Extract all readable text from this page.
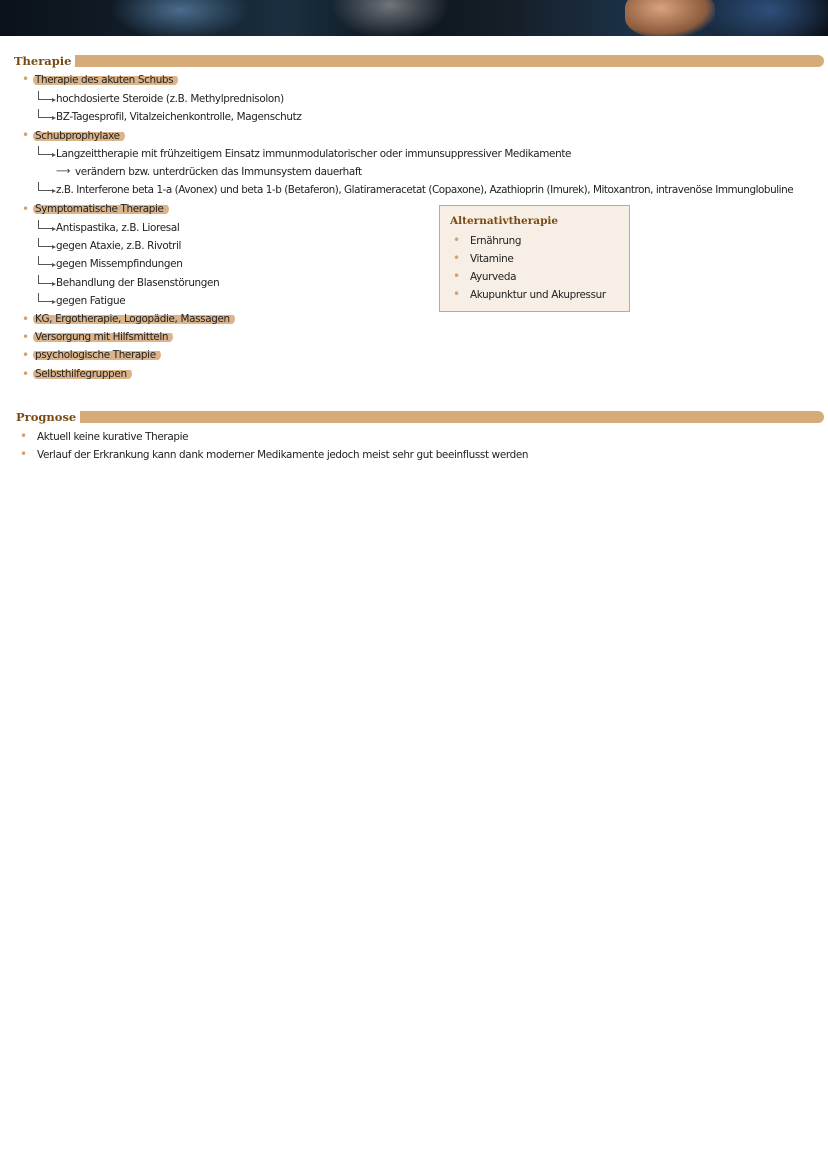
Therapie
• Therapie des akuten Schubs
hochdosierte Steroide (z.B. Methylprednisolon)
BZ-Tagesprofil, Vitalzeichenkontrolle, Magenschutz
• Schubprophylaxe
Langzeittherapie mit frühzeitigem Einsatz immunmodulatorischer oder immunsuppressiver Medikamente
⟶ verändern bzw. unterdrücken das Immunsystem dauerhaft
z.B. Interferone beta 1-a (Avonex) und beta 1-b (Betaferon), Glatirameracetat (Copaxone), Azathioprin (Imurek), Mitoxantron, intravenöse Immunglobuline
• Symptomatische Therapie
Antispastika, z.B. Lioresal
gegen Ataxie, z.B. Rivotril
gegen Missempfindungen
Behandlung der Blasenstörungen
gegen Fatigue
• KG, Ergotherapie, Logopädie, Massagen
• Versorgung mit Hilfsmitteln
• psychologische Therapie
• Selbsthilfegruppen
Alternativtherapie
• Ernährung
• Vitamine
• Ayurveda
• Akupunktur und Akupressur
Prognose
• Aktuell keine kurative Therapie
• Verlauf der Erkrankung kann dank moderner Medikamente jedoch meist sehr gut beeinflusst werden
